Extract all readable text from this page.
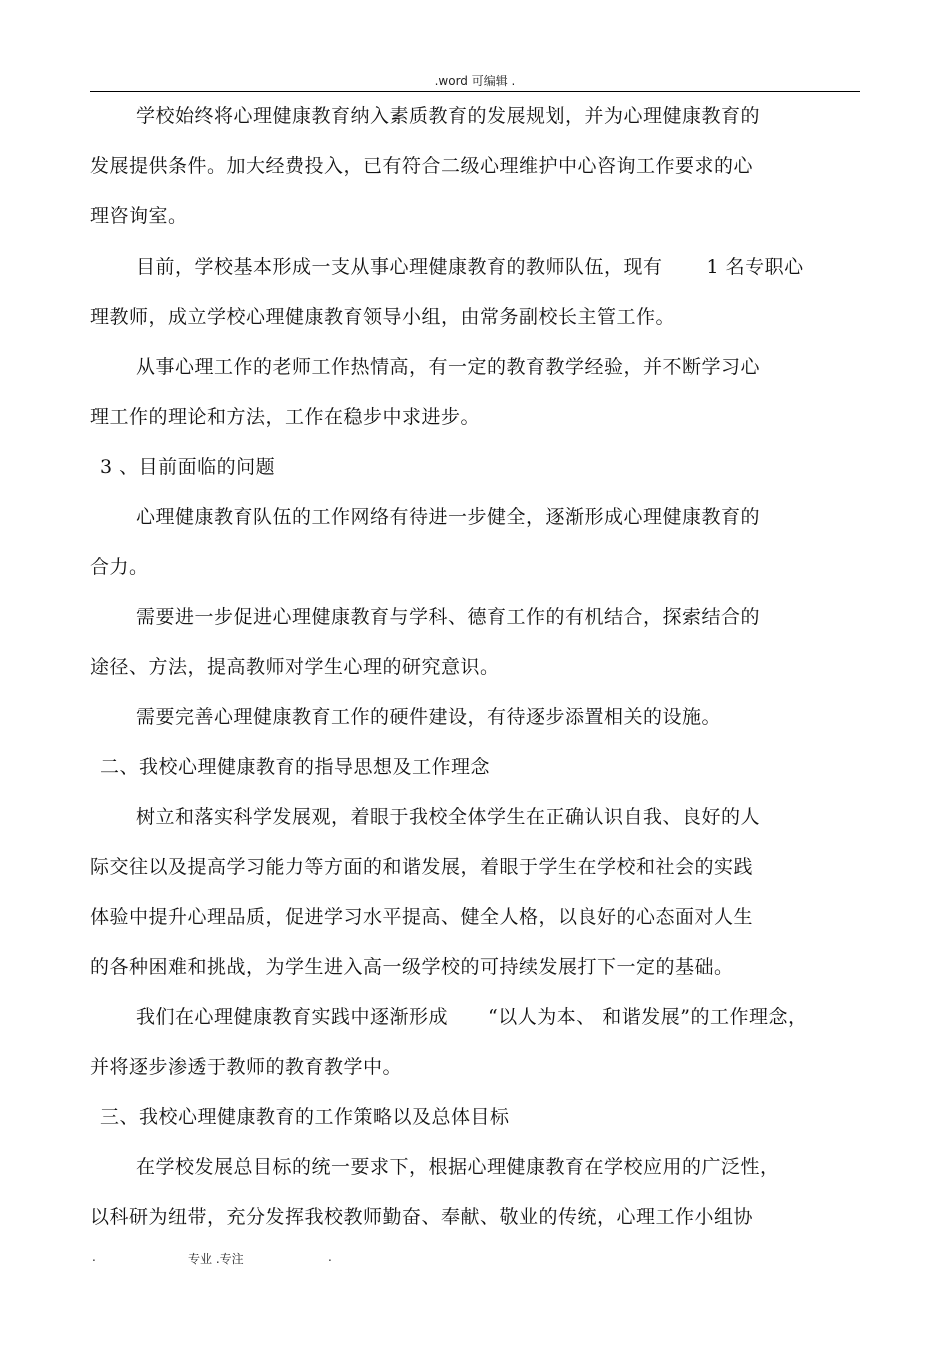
.word 可编辑 .
学校始终将心理健康教育纳入素质教育的发展规划，并为心理健康教育的
发展提供条件。加大经费投入，已有符合二级心理维护中心咨询工作要求的心
理咨询室。
目前，学校基本形成一支从事心理健康教育的教师队伍，现有 1 名专职心
理教师，成立学校心理健康教育领导小组，由常务副校长主管工作。
从事心理工作的老师工作热情高，有一定的教育教学经验，并不断学习心
理工作的理论和方法，工作在稳步中求进步。
3 、目前面临的问题
心理健康教育队伍的工作网络有待进一步健全，逐渐形成心理健康教育的
合力。
需要进一步促进心理健康教育与学科、德育工作的有机结合，探索结合的
途径、方法，提高教师对学生心理的研究意识。
需要完善心理健康教育工作的硬件建设，有待逐步添置相关的设施。
二、我校心理健康教育的指导思想及工作理念
树立和落实科学发展观，着眼于我校全体学生在正确认识自我、良好的人
际交往以及提高学习能力等方面的和谐发展，着眼于学生在学校和社会的实践
体验中提升心理品质，促进学习水平提高、健全人格，以良好的心态面对人生
的各种困难和挑战，为学生进入高一级学校的可持续发展打下一定的基础。
我们在心理健康教育实践中逐渐形成 “以人为本、 和谐发展”的工作理念，
并将逐步渗透于教师的教育教学中。
三、我校心理健康教育的工作策略以及总体目标
在学校发展总目标的统一要求下，根据心理健康教育在学校应用的广泛性，
以科研为纽带，充分发挥我校教师勤奋、奉献、敬业的传统，心理工作小组协
.	专业 .专注	.
